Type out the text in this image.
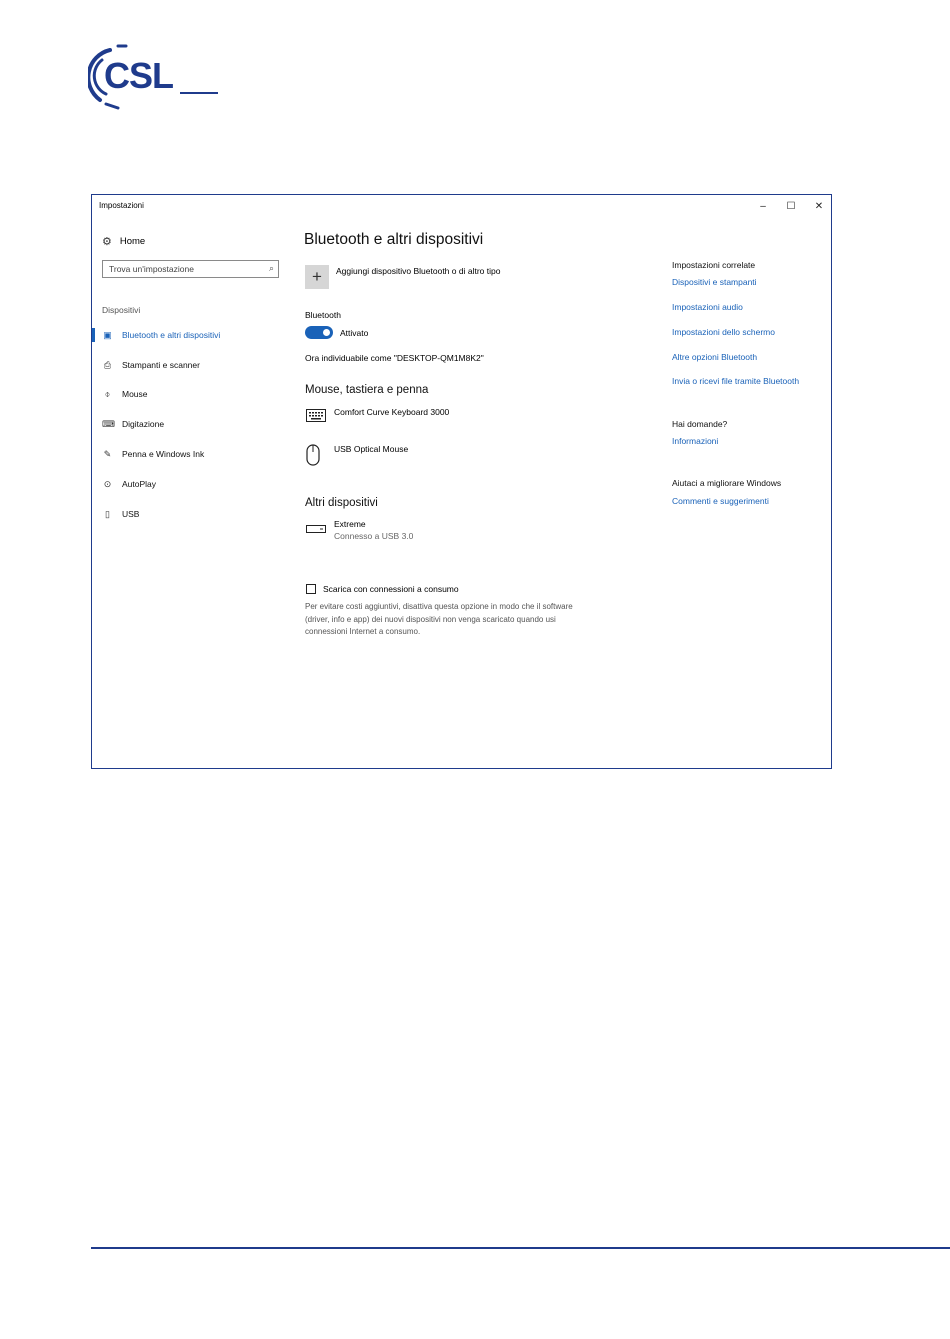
CSL
Impostazioni	–	☐	✕
⚙ Home
Trova un'impostazione	⌕
Dispositivi
▣ Bluetooth e altri dispositivi
⎙ Stampanti e scanner
⌽	Mouse
⌨ Digitazione
✎ Penna e Windows Ink
⊙ AutoPlay
▯	USB
Bluetooth e altri dispositivi
+ Aggiungi dispositivo Bluetooth o di altro tipo
Bluetooth
Attivato
Ora individuabile come "DESKTOP-QM1M8K2"
Mouse, tastiera e penna
Comfort Curve Keyboard 3000
USB Optical Mouse
Altri dispositivi
Extreme
Connesso a USB 3.0
Scarica con connessioni a consumo
Per evitare costi aggiuntivi, disattiva questa opzione in modo che il software (driver, info e app) dei nuovi dispositivi non venga scaricato quando usi connessioni Internet a consumo.
Impostazioni correlate
Dispositivi e stampanti
Impostazioni audio
Impostazioni dello schermo
Altre opzioni Bluetooth
Invia o ricevi file tramite Bluetooth
Hai domande?
Informazioni
Aiutaci a migliorare Windows
Commenti e suggerimenti
